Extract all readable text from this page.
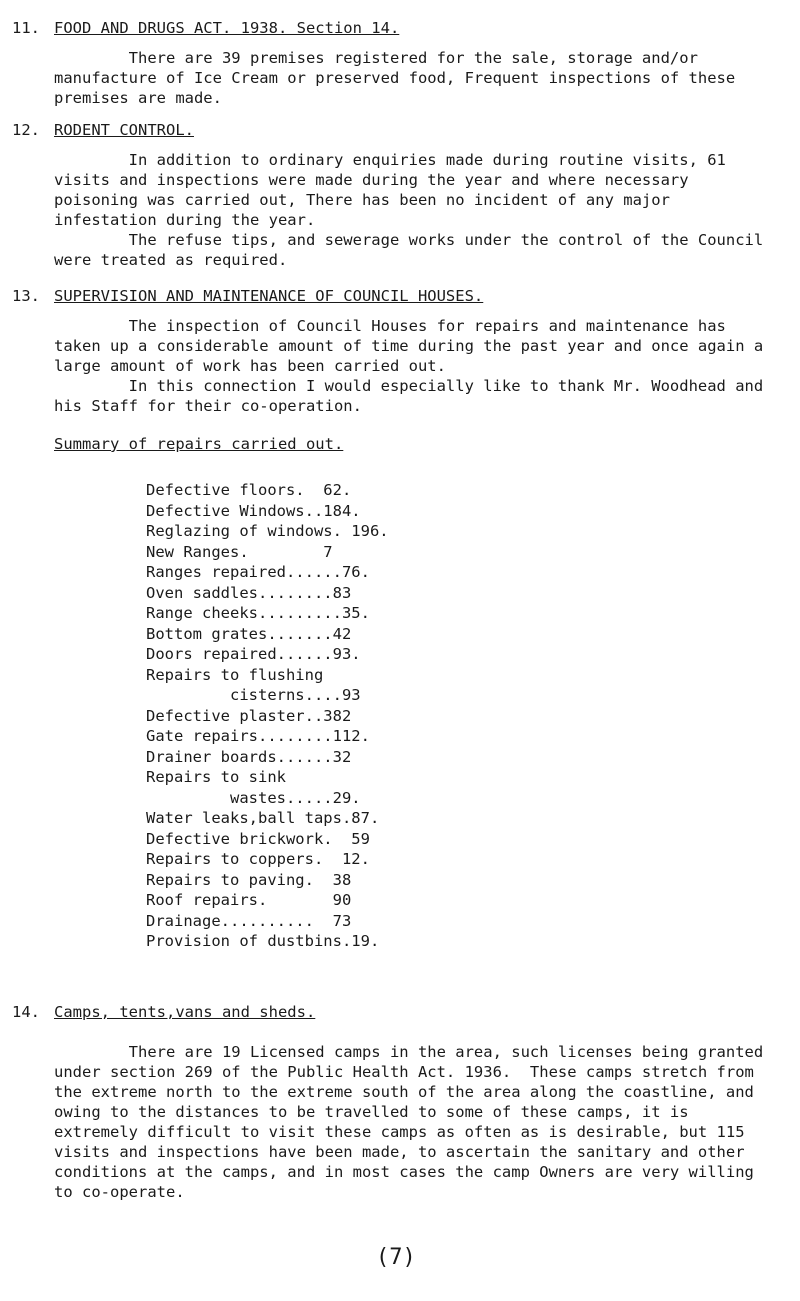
11. FOOD AND DRUGS ACT. 1938. Section 14.

There are 39 premises registered for the sale, storage and/or manufacture of Ice Cream or preserved food, Frequent inspections of these premises are made.

12. RODENT CONTROL.

In addition to ordinary enquiries made during routine visits, 61 visits and inspections were made during the year and where necessary poisoning was carried out, There has been no incident of any major infestation during the year.

The refuse tips, and sewerage works under the control of the Council were treated as required.

13. SUPERVISION AND MAINTENANCE OF COUNCIL HOUSES.

The inspection of Council Houses for repairs and maintenance has taken up a considerable amount of time during the past year and once again a large amount of work has been carried out.

In this connection I would especially like to thank Mr. Woodhead and his Staff for their co-operation.

Summary of repairs carried out.
Defective floors.  62.
Defective Windows..184.
Reglazing of windows. 196.
New Ranges.        7
Ranges repaired......76.
Oven saddles........83
Range cheeks.........35.
Bottom grates.......42
Doors repaired......93.
Repairs to flushing
cisterns....93
Defective plaster..382
Gate repairs........112.
Drainer boards......32
Repairs to sink
wastes.....29.
Water leaks,ball taps.87.
Defective brickwork.  59
Repairs to coppers.  12.
Repairs to paving.  38
Roof repairs.       90
Drainage..........  73
Provision of dustbins.19.
14. Camps, tents,vans and sheds.

There are 19 Licensed camps in the area, such licenses being granted under section 269 of the Public Health Act. 1936.  These camps stretch from the extreme north to the extreme south of the area along the coastline, and owing to the distances to be travelled to some of these camps, it is extremely difficult to visit these camps as often as is desirable, but 115 visits and inspections have been made, to ascertain the sanitary and other conditions at the camps, and in most cases the camp Owners are very willing to co-operate.

(7)
